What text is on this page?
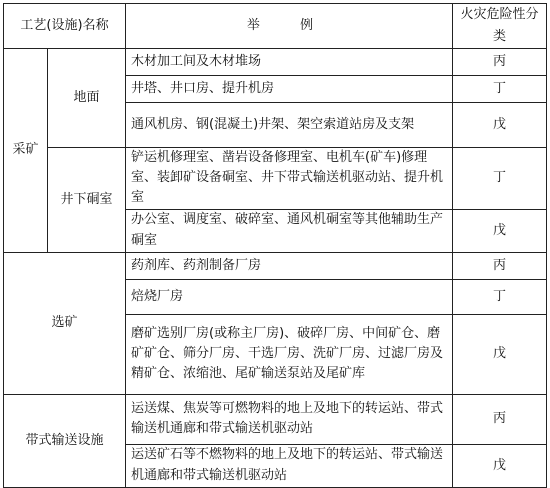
工艺(设施)名称		举 例	火灾危险性分类
采矿	地面	木材加工间及木材堆场	丙
		井塔、井口房、提升机房	丁
		通风机房、钢(混凝土)井架、架空索道站房及支架	戊
	井下硐室	铲运机修理室、凿岩设备修理室、电机车(矿车)修理室、装卸矿设备硐室、井下带式输送机驱动站、提升机室	丁
		办公室、调度室、破碎室、通风机硐室等其他辅助生产硐室	戊
选矿		药剂库、药剂制备厂房	丙
		焙烧厂房	丁
		磨矿选别厂房(或称主厂房)、破碎厂房、中间矿仓、磨矿矿仓、筛分厂房、干选厂房、洗矿厂房、过滤厂房及精矿仓、浓缩池、尾矿输送泵站及尾矿库	戊
带式输送设施		运送煤、焦炭等可燃物料的地上及地下的转运站、带式输送机通廊和带式输送机驱动站	丙
		运送矿石等不燃物料的地上及地下的转运站、带式输送机通廊和带式输送机驱动站	戊
